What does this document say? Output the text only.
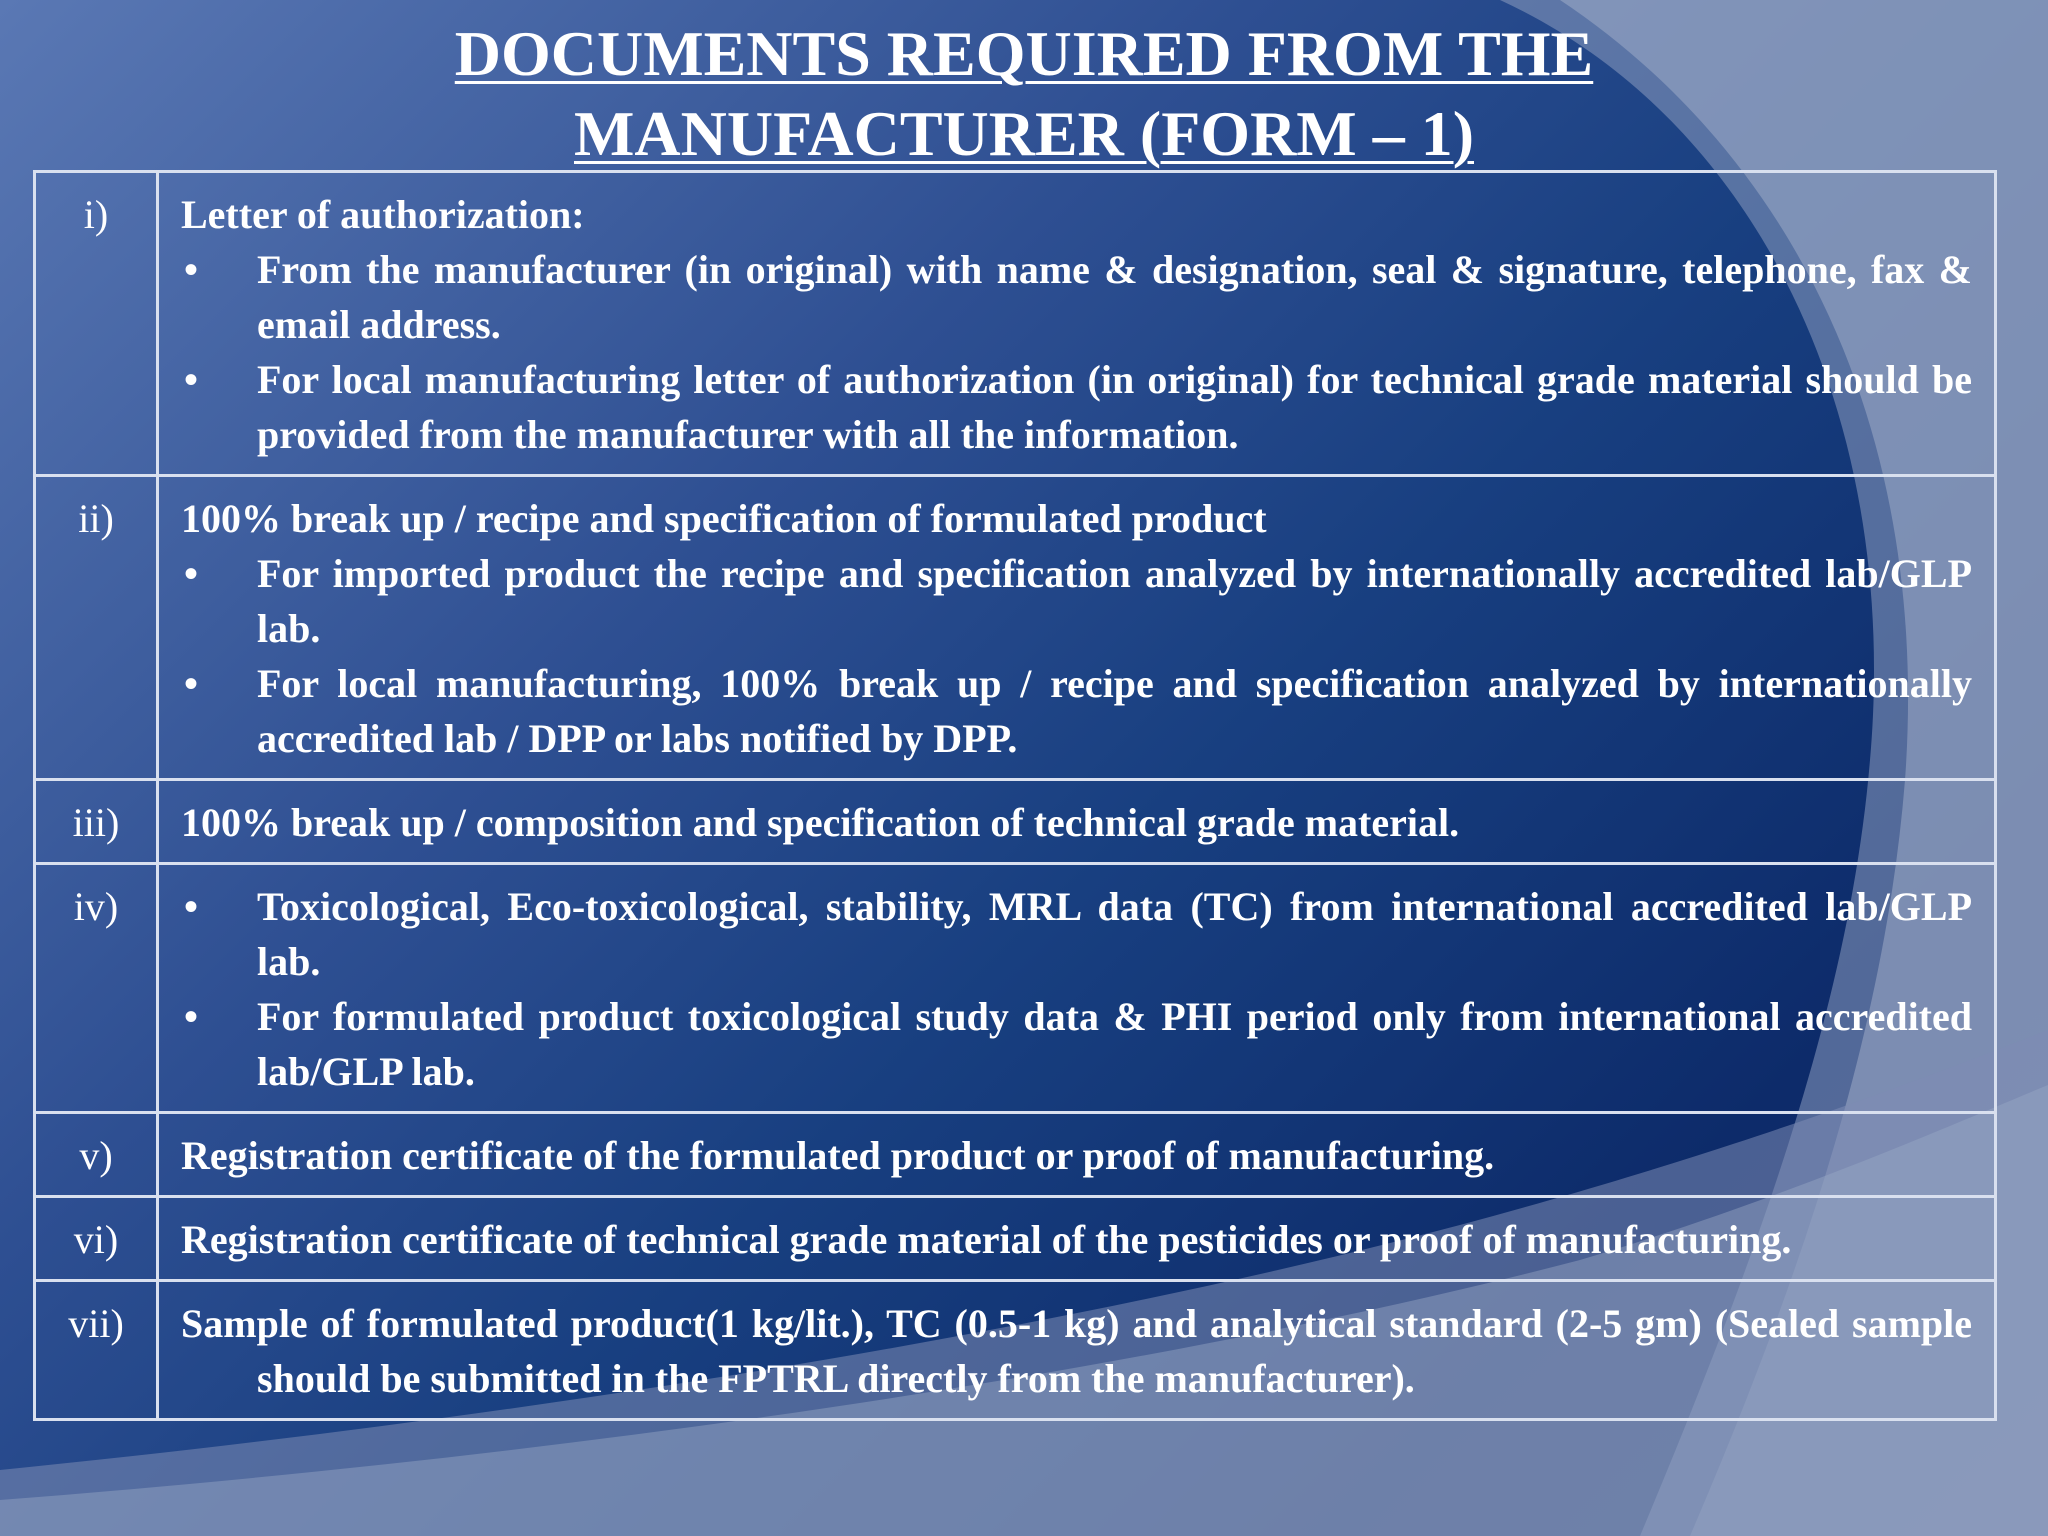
DOCUMENTS REQUIRED FROM THE
MANUFACTURER (FORM – 1)
i)	Letter of authorization:
• From the manufacturer (in original) with name & designation, seal & signature, telephone, fax & email address.
• For local manufacturing letter of authorization (in original) for technical grade material should be provided from the manufacturer with all the information.

ii)	100% break up / recipe and specification of formulated product
• For imported product the recipe and specification analyzed by internationally accredited lab/GLP lab.
• For local manufacturing, 100% break up / recipe and specification analyzed by internationally accredited lab / DPP or labs notified by DPP.

iii)	100% break up / composition and specification of technical grade material.

iv)	• Toxicological, Eco-toxicological, stability, MRL data (TC) from international accredited lab/GLP lab.
• For formulated product toxicological study data & PHI period only from international accredited lab/GLP lab.

v)	Registration certificate of the formulated product or proof of manufacturing.

vi)	Registration certificate of technical grade material of the pesticides or proof of manufacturing.

vii)	Sample of formulated product(1 kg/lit.), TC (0.5-1 kg) and analytical standard (2-5 gm) (Sealed sample should be submitted in the FPTRL directly from the manufacturer).
